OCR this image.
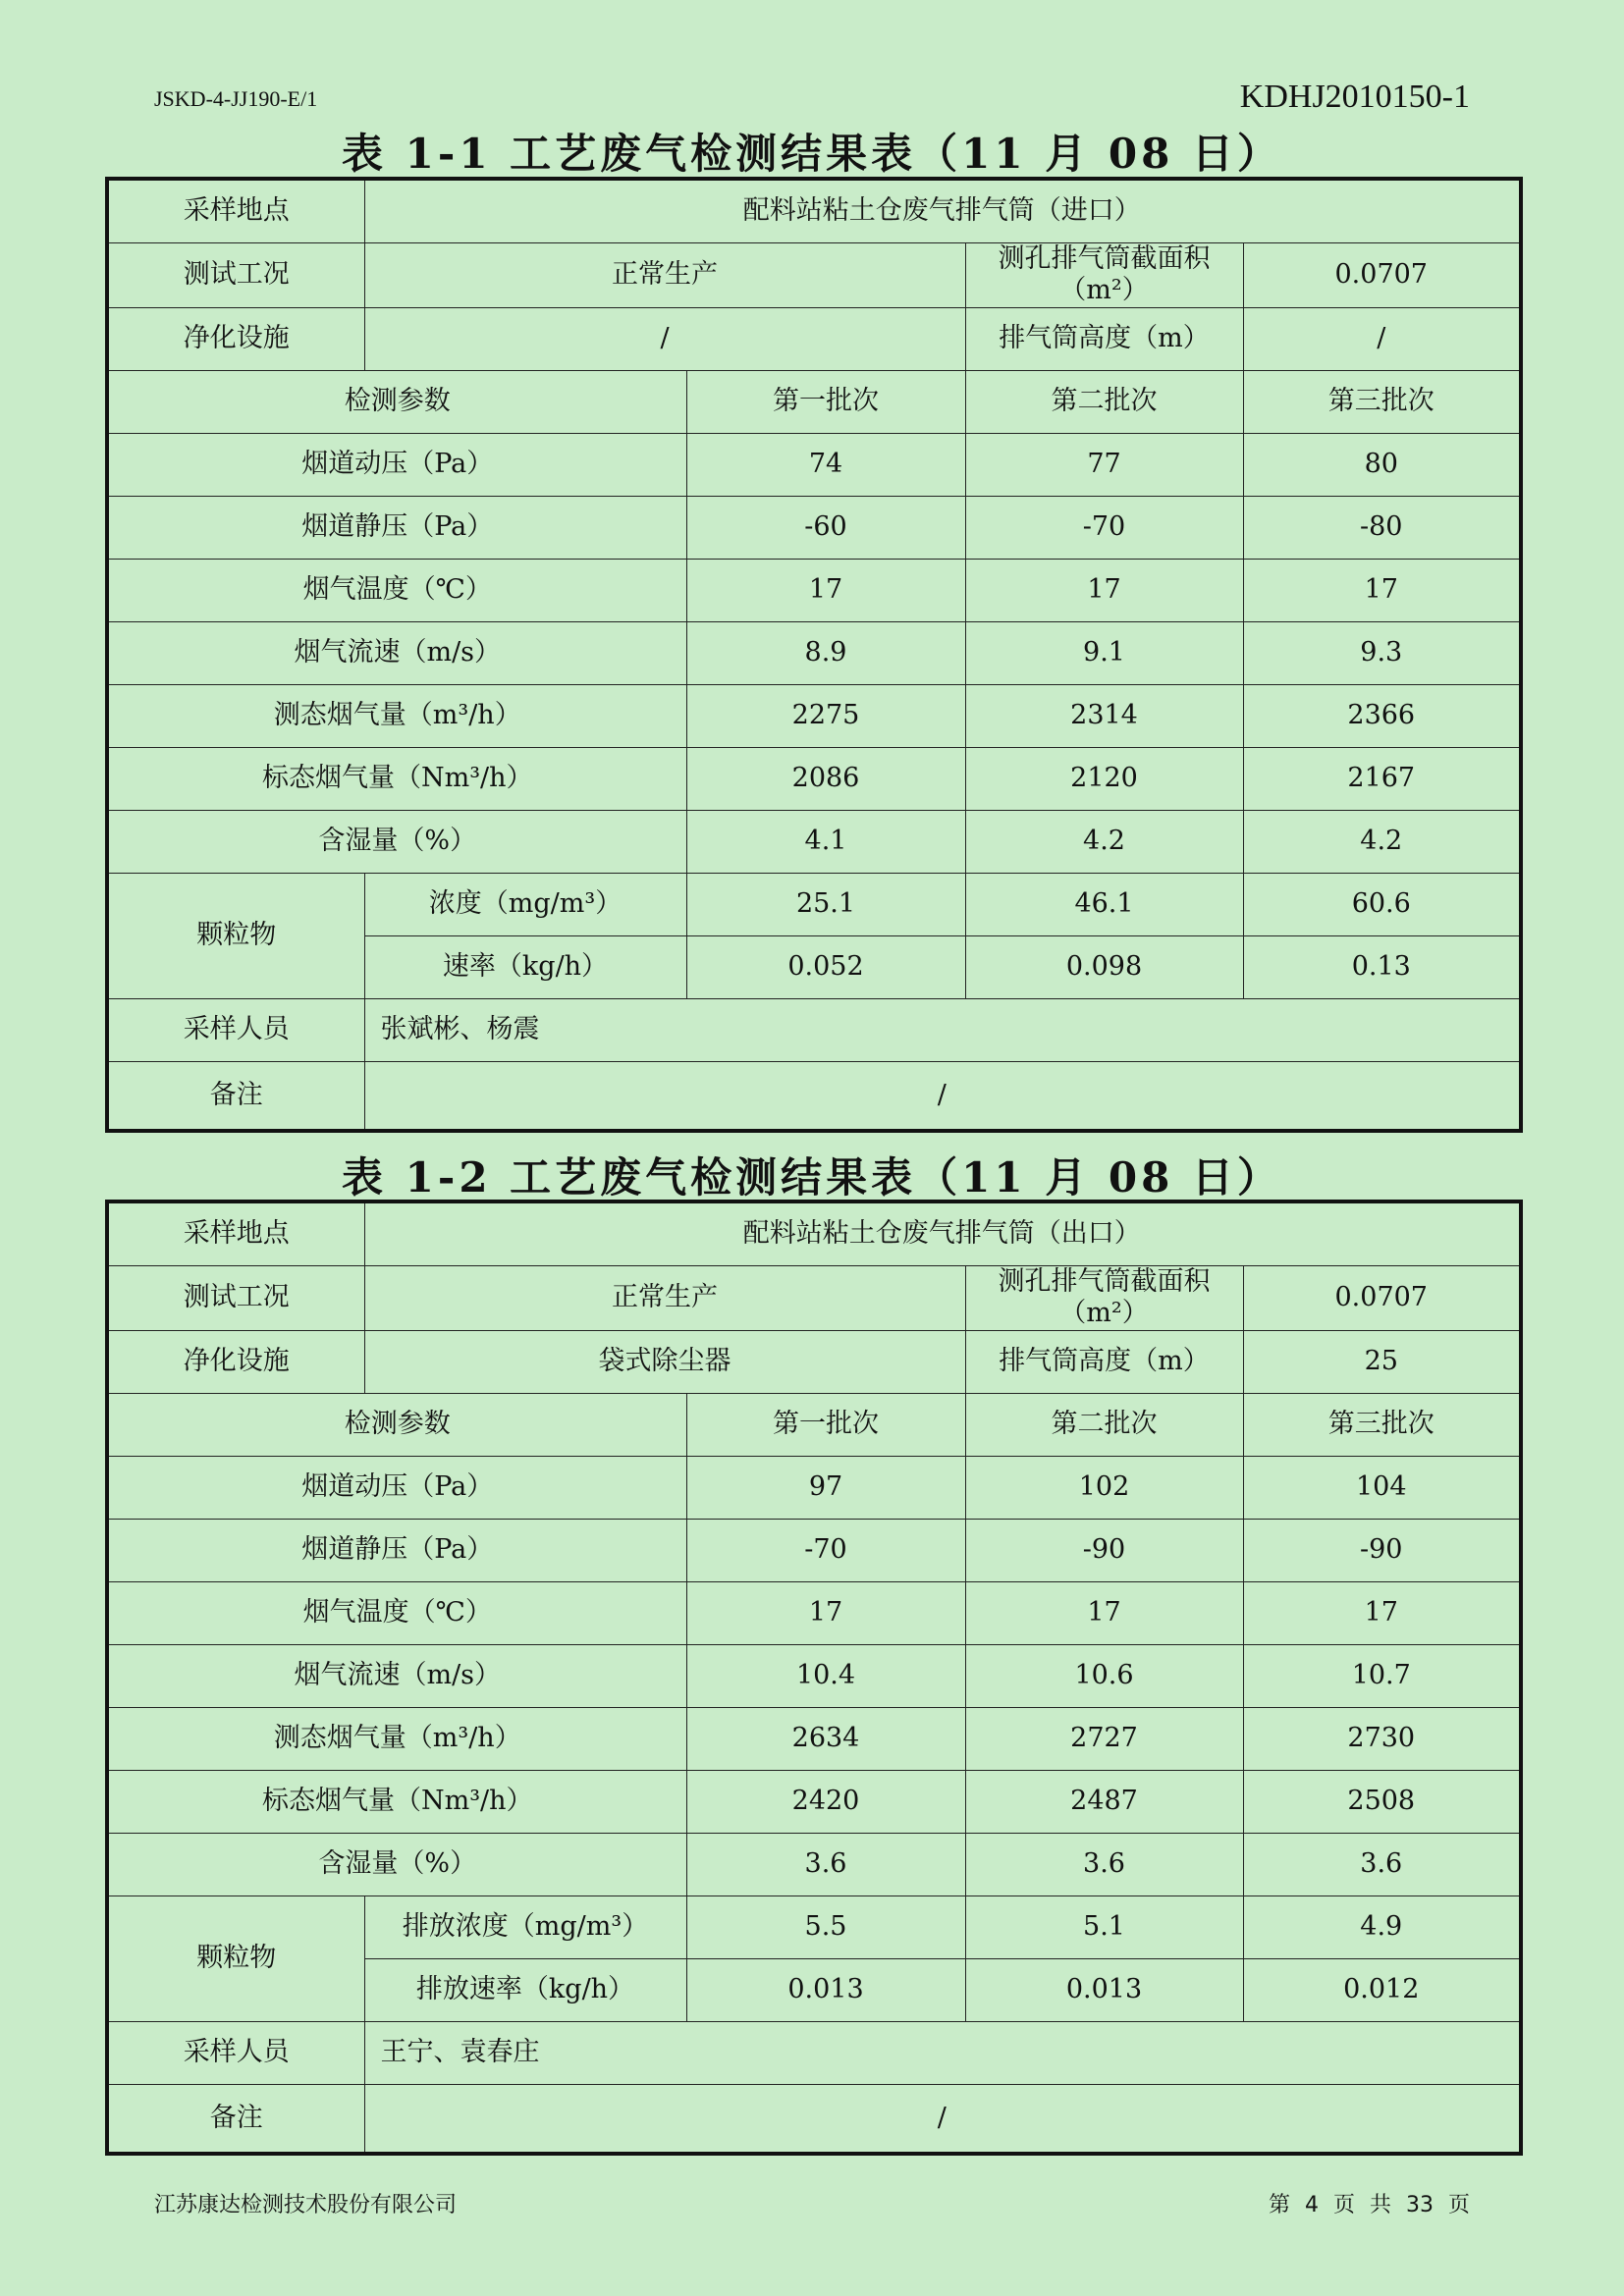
JSKD-4-JJ190-E/1	KDHJ2010150-1
表 1-1 工艺废气检测结果表（11 月 08 日）
采样地点	配料站粘土仓废气排气筒（进口）			
测试工况	正常生产		测孔排气筒截面积（m²）	0.0707
净化设施	/		排气筒高度（m）	/
检测参数		第一批次	第二批次	第三批次
烟道动压（Pa）		74	77	80
烟道静压（Pa）		-60	-70	-80
烟气温度（℃）		17	17	17
烟气流速（m/s）		8.9	9.1	9.3
测态烟气量（m³/h）		2275	2314	2366
标态烟气量（Nm³/h）		2086	2120	2167
含湿量（%）		4.1	4.2	4.2
颗粒物	浓度（mg/m³）	25.1	46.1	60.6
	速率（kg/h）	0.052	0.098	0.13
采样人员	张斌彬、杨震			
备注	/			
表 1-2 工艺废气检测结果表（11 月 08 日）
采样地点	配料站粘土仓废气排气筒（出口）			
测试工况	正常生产		测孔排气筒截面积（m²）	0.0707
净化设施	袋式除尘器		排气筒高度（m）	25
检测参数		第一批次	第二批次	第三批次
烟道动压（Pa）		97	102	104
烟道静压（Pa）		-70	-90	-90
烟气温度（℃）		17	17	17
烟气流速（m/s）		10.4	10.6	10.7
测态烟气量（m³/h）		2634	2727	2730
标态烟气量（Nm³/h）		2420	2487	2508
含湿量（%）		3.6	3.6	3.6
颗粒物	排放浓度（mg/m³）	5.5	5.1	4.9
	排放速率（kg/h）	0.013	0.013	0.012
采样人员	王宁、袁春庄			
备注	/			
江苏康达检测技术股份有限公司	第 4 页 共 33 页
